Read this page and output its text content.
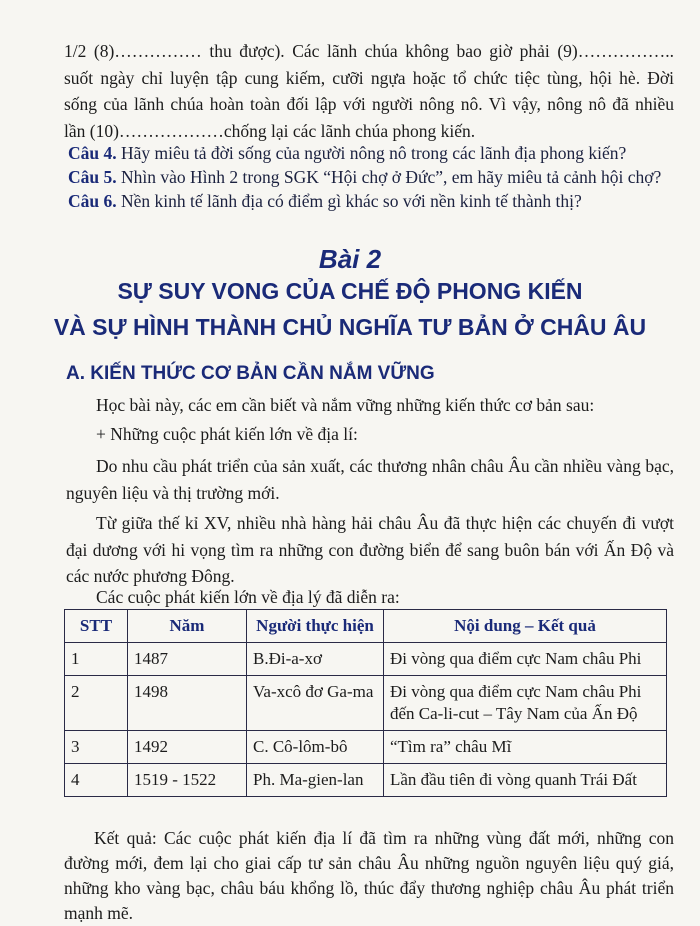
1/2 (8)…………… thu được). Các lãnh chúa không bao giờ phải (9)……………..
suốt ngày chỉ luyện tập cung kiếm, cưỡi ngựa hoặc tổ chức tiệc tùng, hội hè. Đời
sống của lãnh chúa hoàn toàn đối lập với người nông nô. Vì vậy, nông nô đã nhiều
lần (10)………………chống lại các lãnh chúa phong kiến.
Câu 4. Hãy miêu tả đời sống của người nông nô trong các lãnh địa phong kiến?
Câu 5. Nhìn vào Hình 2 trong SGK “Hội chợ ở Đức”, em hãy miêu tả cảnh hội chợ?
Câu 6. Nền kinh tế lãnh địa có điểm gì khác so với nền kinh tế thành thị?
Bài 2
SỰ SUY VONG CỦA CHẾ ĐỘ PHONG KIẾN
VÀ SỰ HÌNH THÀNH CHỦ NGHĨA TƯ BẢN Ở CHÂU ÂU
A. KIẾN THỨC CƠ BẢN CẦN NẮM VỮNG
Học bài này, các em cần biết và nắm vững những kiến thức cơ bản sau:
+ Những cuộc phát kiến lớn về địa lí:
Do nhu cầu phát triển của sản xuất, các thương nhân châu Âu cần nhiều vàng bạc, nguyên liệu và thị trường mới.
Từ giữa thế kỉ XV, nhiều nhà hàng hải châu Âu đã thực hiện các chuyến đi vượt đại dương với hi vọng tìm ra những con đường biển để sang buôn bán với Ấn Độ và các nước phương Đông.
Các cuộc phát kiến lớn về địa lý đã diễn ra:
STT	Năm	Người thực hiện	Nội dung – Kết quả
1	1487	B.Đi-a-xơ	Đi vòng qua điểm cực Nam châu Phi
2	1498	Va-xcô đơ Ga-ma	Đi vòng qua điểm cực Nam châu Phi đến Ca-li-cut – Tây Nam của Ấn Độ
3	1492	C. Cô-lôm-bô	“Tìm ra” châu Mĩ
4	1519 - 1522	Ph. Ma-gien-lan	Lần đầu tiên đi vòng quanh Trái Đất
Kết quả: Các cuộc phát kiến địa lí đã tìm ra những vùng đất mới, những con đường mới, đem lại cho giai cấp tư sản châu Âu những nguồn nguyên liệu quý giá, những kho vàng bạc, châu báu khổng lồ, thúc đẩy thương nghiệp châu Âu phát triển mạnh mẽ.
